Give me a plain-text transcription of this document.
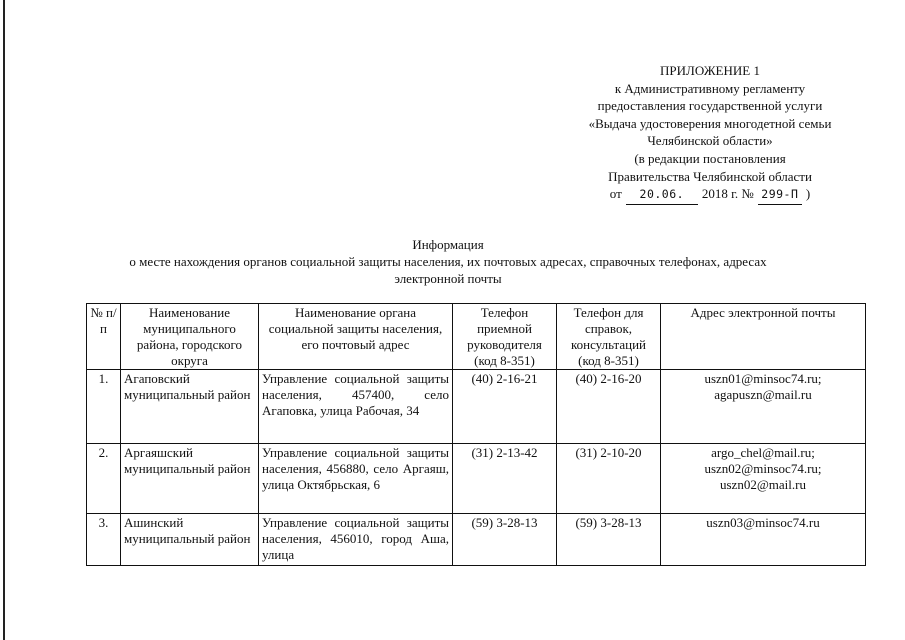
ПРИЛОЖЕНИЕ 1
к Административному регламенту
предоставления государственной услуги
«Выдача удостоверения многодетной семьи
Челябинской области»
(в редакции постановления
Правительства Челябинской области
от 20.06. 2018 г. № 299-П )
Информация
о месте нахождения органов социальной защиты населения, их почтовых адресах, справочных телефонах, адресах
электронной почты
№ п/п	Наименование муниципального района, городского округа	Наименование органа социальной защиты населения, его почтовый адрес	Телефон приемной руководителя (код 8-351)	Телефон для справок, консультаций (код 8-351)	Адрес электронной почты
1.	Агаповский муниципальный район	Управление социальной защиты населения, 457400, село Агаповка, улица Рабочая, 34	(40) 2-16-21	(40) 2-16-20	uszn01@minsoc74.ru;
agapuszn@mail.ru

2.	Аргаяшский муниципальный район	Управление социальной защиты населения, 456880, село Аргаяш, улица Октябрьская, 6	(31) 2-13-42	(31) 2-10-20	argo_chel@mail.ru;
uszn02@minsoc74.ru;
uszn02@mail.ru

3.	Ашинский муниципальный район	Управление социальной защиты населения, 456010, город Аша, улица	(59) 3-28-13	(59) 3-28-13	uszn03@minsoc74.ru
